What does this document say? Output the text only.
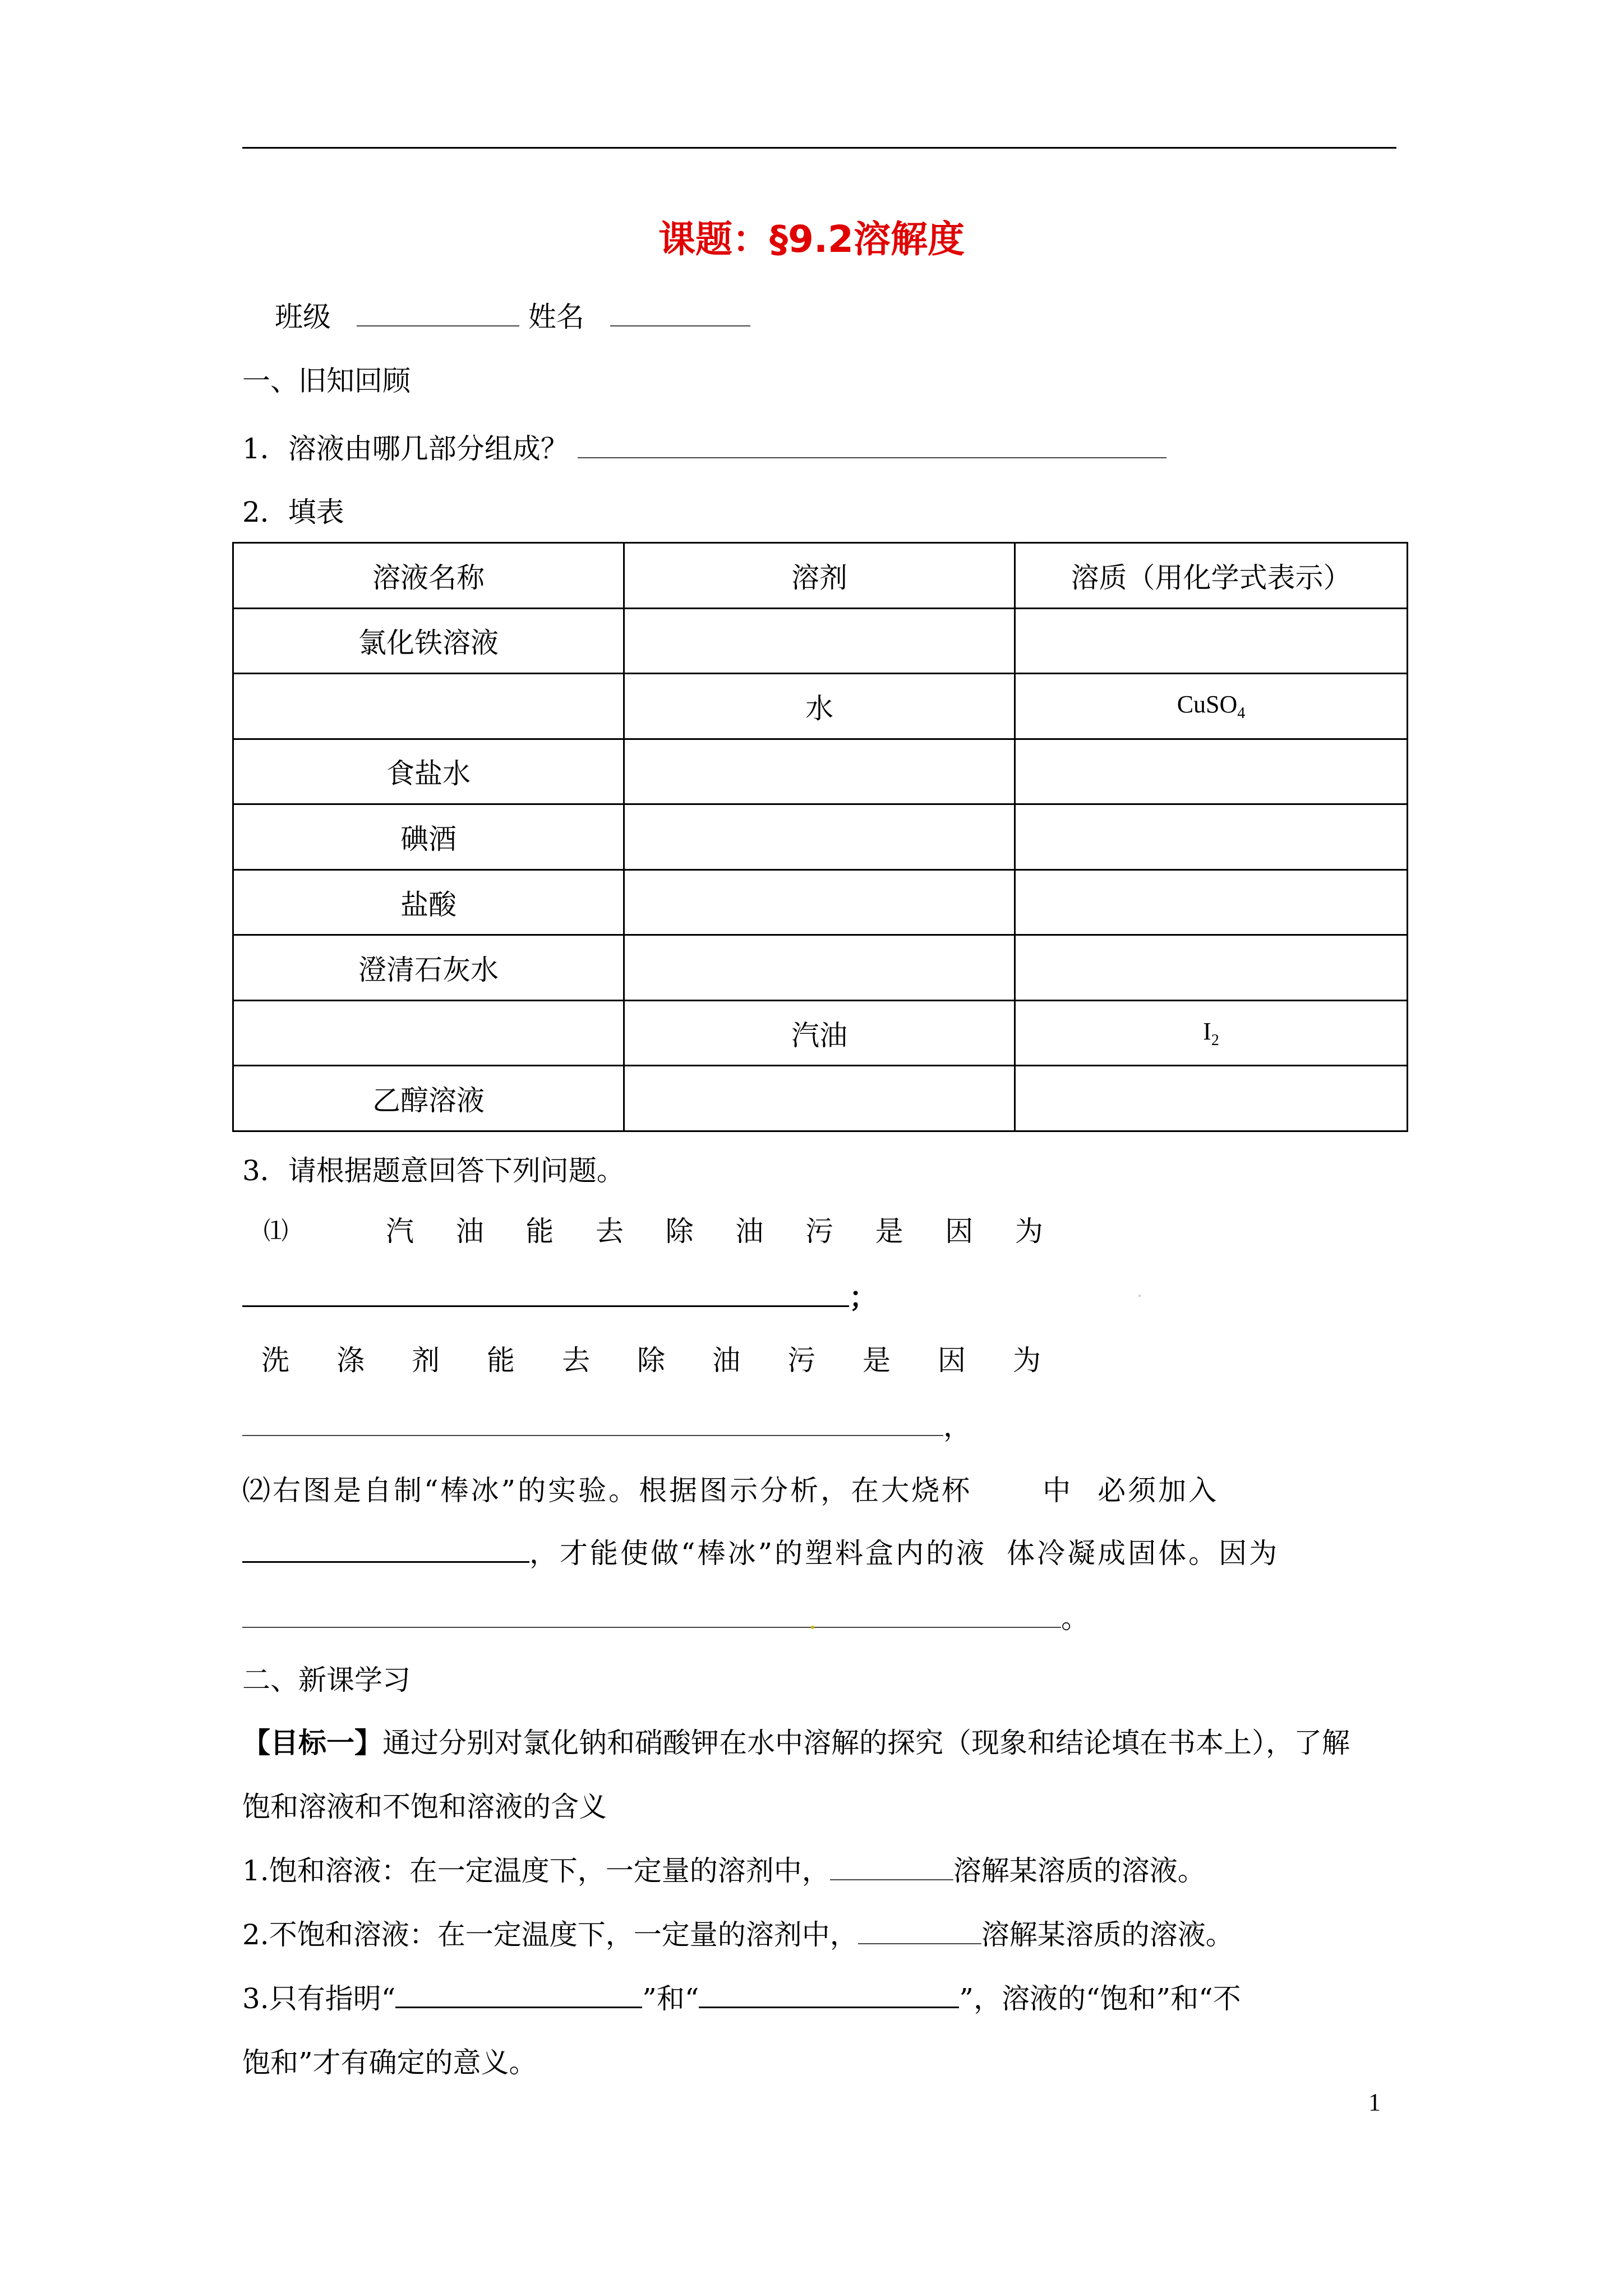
课题：§9.2溶解度
班级	姓名
一、旧知回顾
1．溶液由哪几部分组成？
2．填表
溶液名称	溶剂	溶质（用化学式表示）
氯化铁溶液		
	水	CuSO$_4$
食盐水		
碘酒		
盐酸		
澄清石灰水		
	汽油	$I_2$
乙醇溶液		
3．请根据题意回答下列问题。
⑴	汽 油 能 去 除 油 污 是 因 为
；
洗 涤 剂 能 去 除 油 污 是 因 为
，
⑵右图是自制“棒冰”的实验。根据图示分析，在大烧杯	中 必须加入
，才能使做“棒冰”的塑料盒内的液 体冷凝成固体。因为
。
二、新课学习
【目标一】通过分别对氯化钠和硝酸钾在水中溶解的探究（现象和结论填在书本上），了解
饱和溶液和不饱和溶液的含义
1.饱和溶液：在一定温度下，一定量的溶剂中，	溶解某溶质的溶液。
2.不饱和溶液：在一定温度下，一定量的溶剂中，	溶解某溶质的溶液。
3.只有指明“	”和“	”，溶液的“饱和”和“不
饱和”才有确定的意义。
1
